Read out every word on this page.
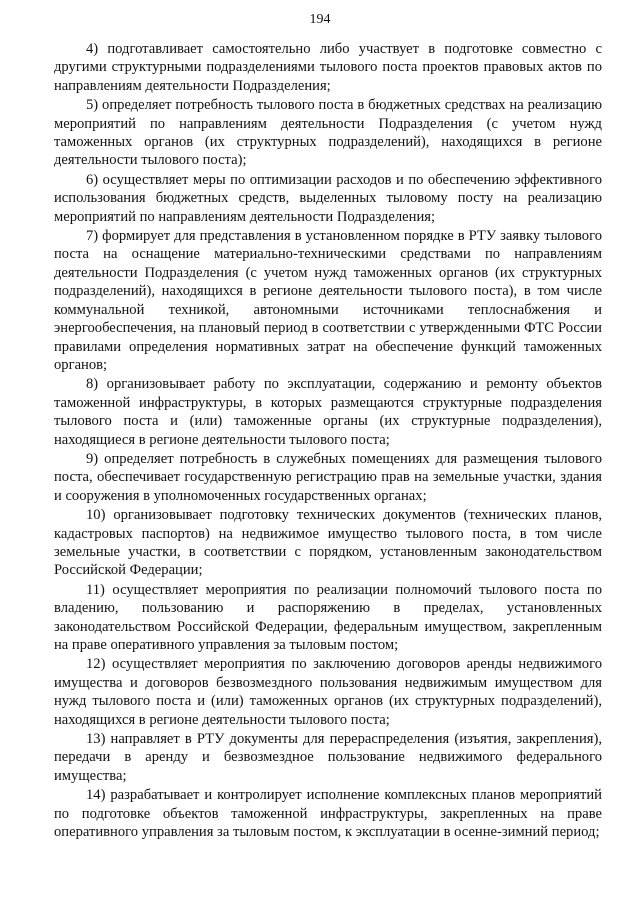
194

4) подготавливает самостоятельно либо участвует в подготовке совместно с другими структурными подразделениями тылового поста проектов правовых актов по направлениям деятельности Подразделения;

5) определяет потребность тылового поста в бюджетных средствах на реализацию мероприятий по направлениям деятельности Подразделения (с учетом нужд таможенных органов (их структурных подразделений), находящихся в регионе деятельности тылового поста);

6) осуществляет меры по оптимизации расходов и по обеспечению эффективного использования бюджетных средств, выделенных тыловому посту на реализацию мероприятий по направлениям деятельности Подразделения;

7) формирует для представления в установленном порядке в РТУ заявку тылового поста на оснащение материально-техническими средствами по направлениям деятельности Подразделения (с учетом нужд таможенных органов (их структурных подразделений), находящихся в регионе деятельности тылового поста), в том числе коммунальной техникой, автономными источниками теплоснабжения и энергообеспечения, на плановый период в соответствии с утвержденными ФТС России правилами определения нормативных затрат на обеспечение функций таможенных органов;

8) организовывает работу по эксплуатации, содержанию и ремонту объектов таможенной инфраструктуры, в которых размещаются структурные подразделения тылового поста и (или) таможенные органы (их структурные подразделения), находящиеся в регионе деятельности тылового поста;

9) определяет потребность в служебных помещениях для размещения тылового поста, обеспечивает государственную регистрацию прав на земельные участки, здания и сооружения в уполномоченных государственных органах;

10) организовывает подготовку технических документов (технических планов, кадастровых паспортов) на недвижимое имущество тылового поста, в том числе земельные участки, в соответствии с порядком, установленным законодательством Российской Федерации;

11) осуществляет мероприятия по реализации полномочий тылового поста по владению, пользованию и распоряжению в пределах, установленных законодательством Российской Федерации, федеральным имуществом, закрепленным на праве оперативного управления за тыловым постом;

12) осуществляет мероприятия по заключению договоров аренды недвижимого имущества и договоров безвозмездного пользования недвижимым имуществом для нужд тылового поста и (или) таможенных органов (их структурных подразделений), находящихся в регионе деятельности тылового поста;

13) направляет в РТУ документы для перераспределения (изъятия, закрепления), передачи в аренду и безвозмездное пользование недвижимого федерального имущества;

14) разрабатывает и контролирует исполнение комплексных планов мероприятий по подготовке объектов таможенной инфраструктуры, закрепленных на праве оперативного управления за тыловым постом, к эксплуатации в осенне-зимний период;
